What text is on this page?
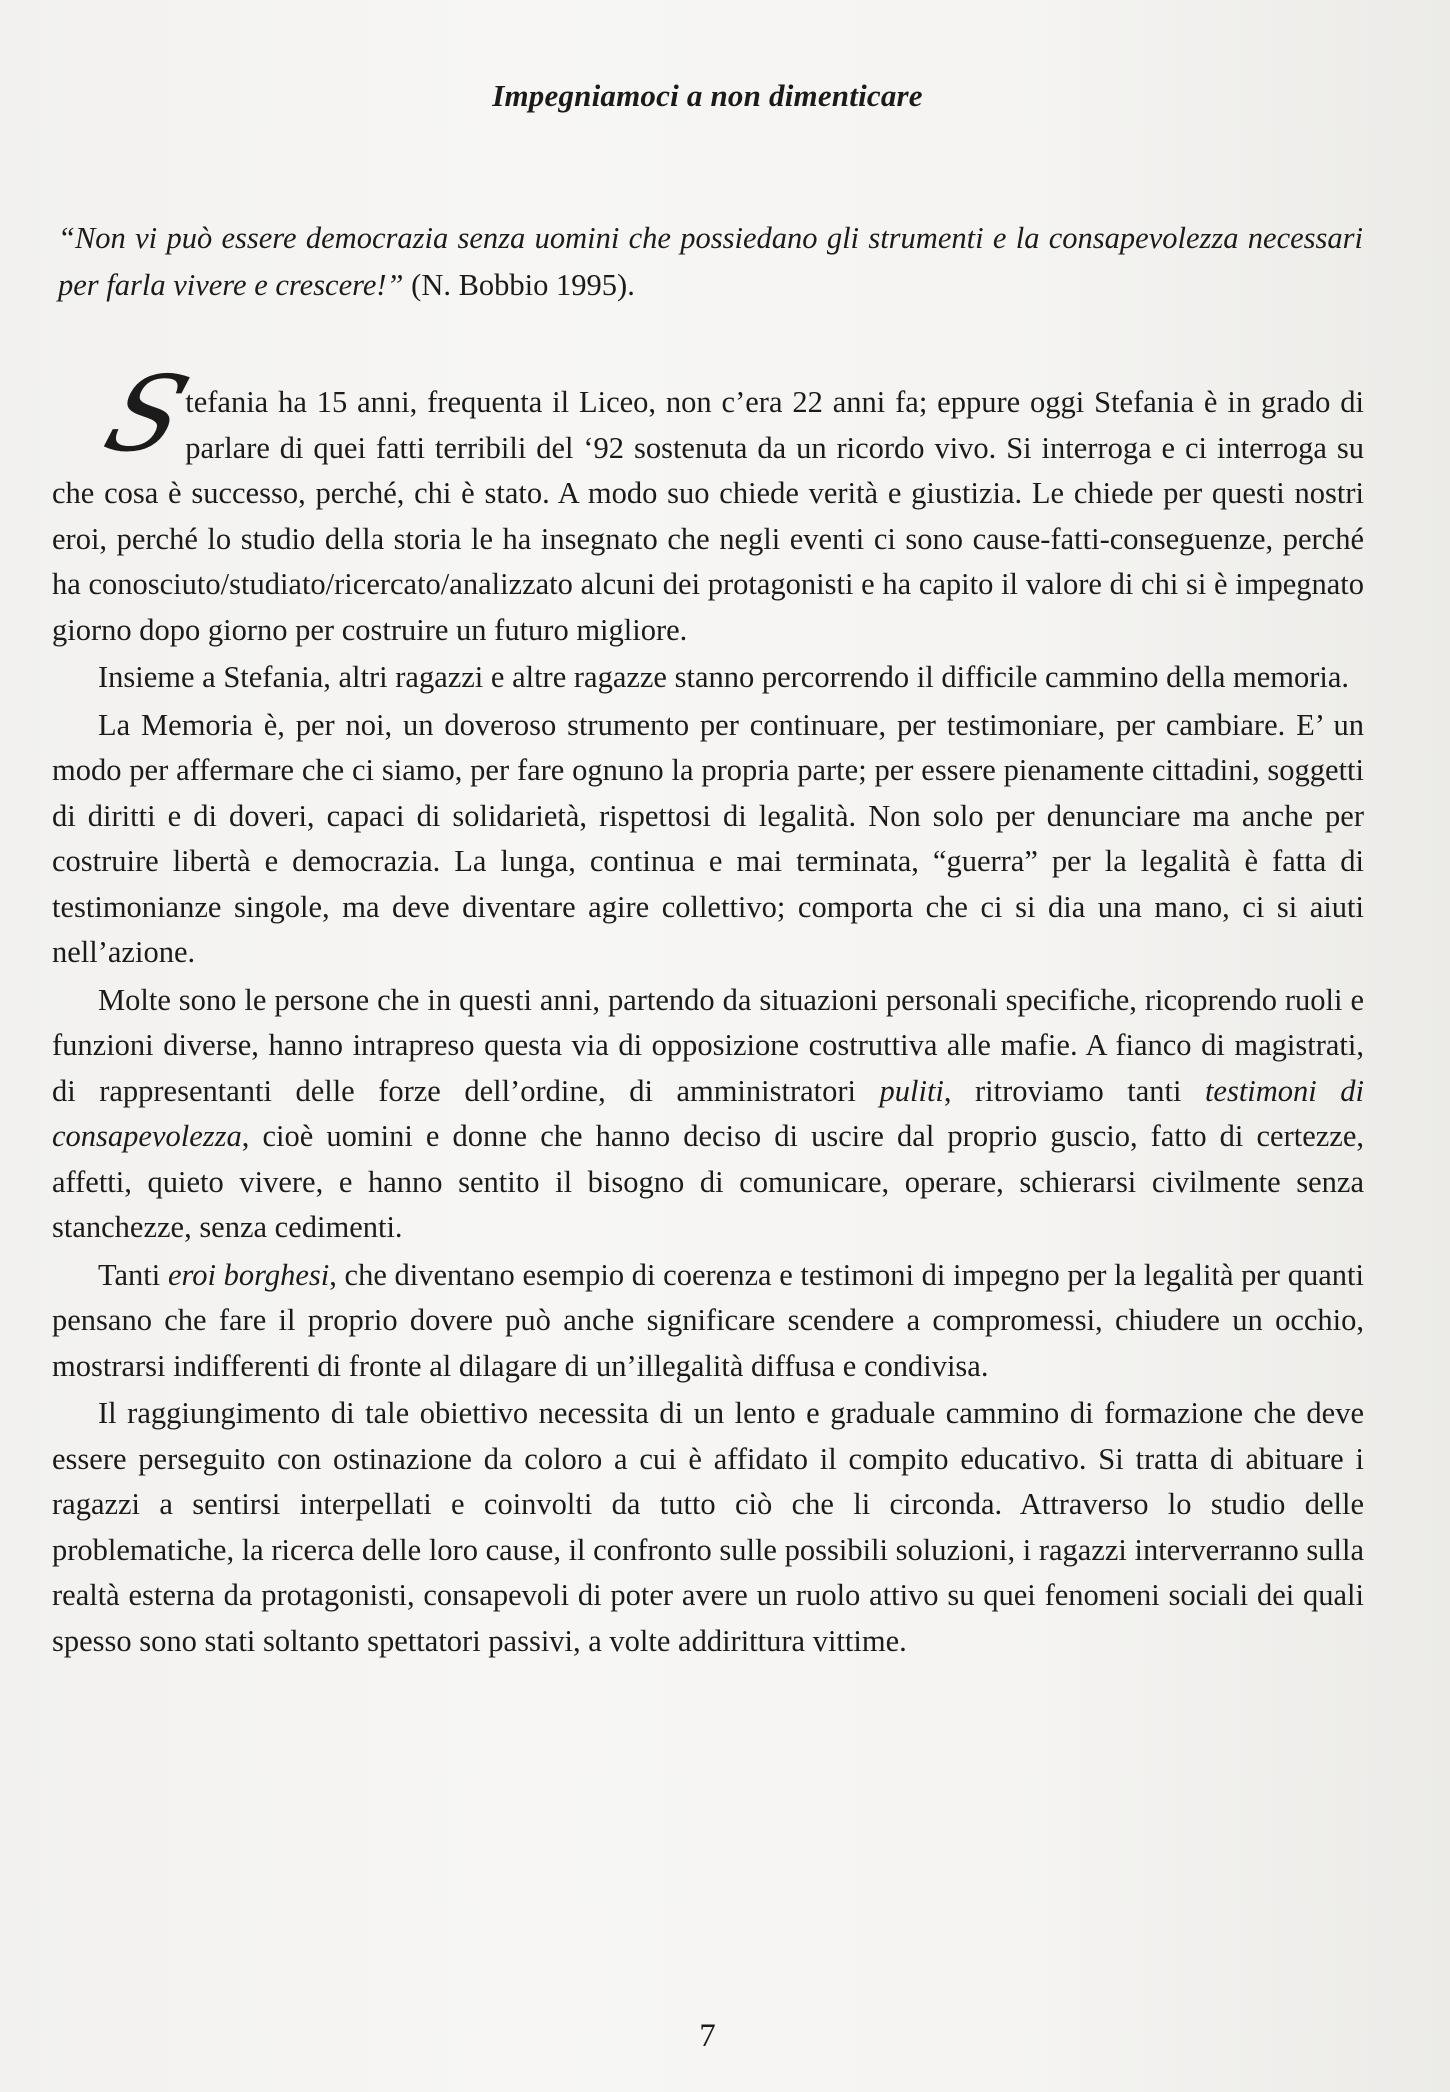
Impegniamoci a non dimenticare
“Non vi può essere democrazia senza uomini che possiedano gli strumenti e la consapevolezza necessari per farla vivere e crescere!” (N. Bobbio 1995).

S
tefania ha 15 anni, frequenta il Liceo, non c’era 22 anni fa; eppure oggi Stefania è in grado di parlare di quei fatti terribili del ‘92 sostenuta da un ricordo vivo. Si interroga e ci interroga su che cosa è successo, perché, chi è stato. A modo suo chiede verità e giustizia. Le chiede per questi nostri eroi, perché lo studio della storia le ha insegnato che negli eventi ci sono cause-fatti-conseguenze, perché ha conosciuto/studiato/ricercato/analizzato alcuni dei protagonisti e ha capito il valore di chi si è impegnato giorno dopo giorno per costruire un futuro migliore.

Insieme a Stefania, altri ragazzi e altre ragazze stanno percorrendo il difficile cammino della memoria.

La Memoria è, per noi, un doveroso strumento per continuare, per testimoniare, per cambiare. E’ un modo per affermare che ci siamo, per fare ognuno la propria parte; per essere pienamente cittadini, soggetti di diritti e di doveri, capaci di solidarietà, rispettosi di legalità. Non solo per denunciare ma anche per costruire libertà e democrazia. La lunga, continua e mai terminata, “guerra” per la legalità è fatta di testimonianze singole, ma deve diventare agire collettivo; comporta che ci si dia una mano, ci si aiuti nell’azione.

Molte sono le persone che in questi anni, partendo da situazioni personali specifiche, ricoprendo ruoli e funzioni diverse, hanno intrapreso questa via di opposizione costruttiva alle mafie. A fianco di magistrati, di rappresentanti delle forze dell’ordine, di amministratori puliti, ritroviamo tanti testimoni di consapevolezza, cioè uomini e donne che hanno deciso di uscire dal proprio guscio, fatto di certezze, affetti, quieto vivere, e hanno sentito il bisogno di comunicare, operare, schierarsi civilmente senza stanchezze, senza cedimenti.

Tanti eroi borghesi, che diventano esempio di coerenza e testimoni di impegno per la legalità per quanti pensano che fare il proprio dovere può anche significare scendere a compromessi, chiudere un occhio, mostrarsi indifferenti di fronte al dilagare di un’illegalità diffusa e condivisa.

Il raggiungimento di tale obiettivo necessita di un lento e graduale cammino di formazione che deve essere perseguito con ostinazione da coloro a cui è affidato il compito educativo. Si tratta di abituare i ragazzi a sentirsi interpellati e coinvolti da tutto ciò che li circonda. Attraverso lo studio delle problematiche, la ricerca delle loro cause, il confronto sulle possibili soluzioni, i ragazzi interverranno sulla realtà esterna da protagonisti, consapevoli di poter avere un ruolo attivo su quei fenomeni sociali dei quali spesso sono stati soltanto spettatori passivi, a volte addirittura vittime.

7
